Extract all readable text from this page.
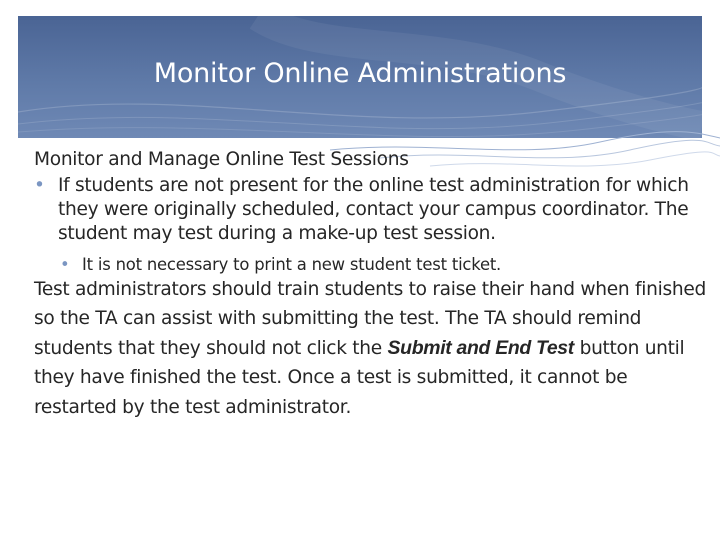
Monitor Online Administrations

Monitor and Manage Online Test Sessions

• If students are not present for the online test administration for which they were originally scheduled, contact your campus coordinator. The student may test during a make-up test session.
• It is not necessary to print a new student test ticket.

Test administrators should train students to raise their hand when finished so the TA can assist with submitting the test. The TA should remind students that they should not click the Submit and End Test button until they have finished the test. Once a test is submitted, it cannot be restarted by the test administrator.
